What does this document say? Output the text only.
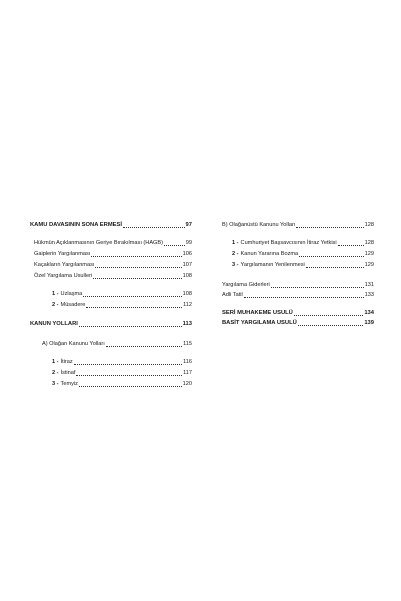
KAMU DAVASININ SONA ERMESİ	97
Hükmün Açıklanmasının Geriye Bırakılması (HAGB)	99
Gaiplerin Yargılanması	106
Kaçakların Yargılanması	107
Özel Yargılama Usulleri	108
1 - Uzlaşma	108
2 - Müsadere	112
KANUN YOLLARI	113
A) Olağan Kanunu Yolları	115
1 - İtiraz	116
2 - İstinaf	117
3 - Temyiz	120
B) Olağanüstü Kanunu Yolları	128
1 - Cumhuriyet Başsavcısının İtiraz Yetkisi	128
2 - Kanun Yararına Bozma	129
3 - Yargılamanın Yenilenmesi	129
Yargılama Giderleri	131
Adli Tatil	133
SERİ MUHAKEME USULÜ	134
BASİT YARGILAMA USULÜ	139
